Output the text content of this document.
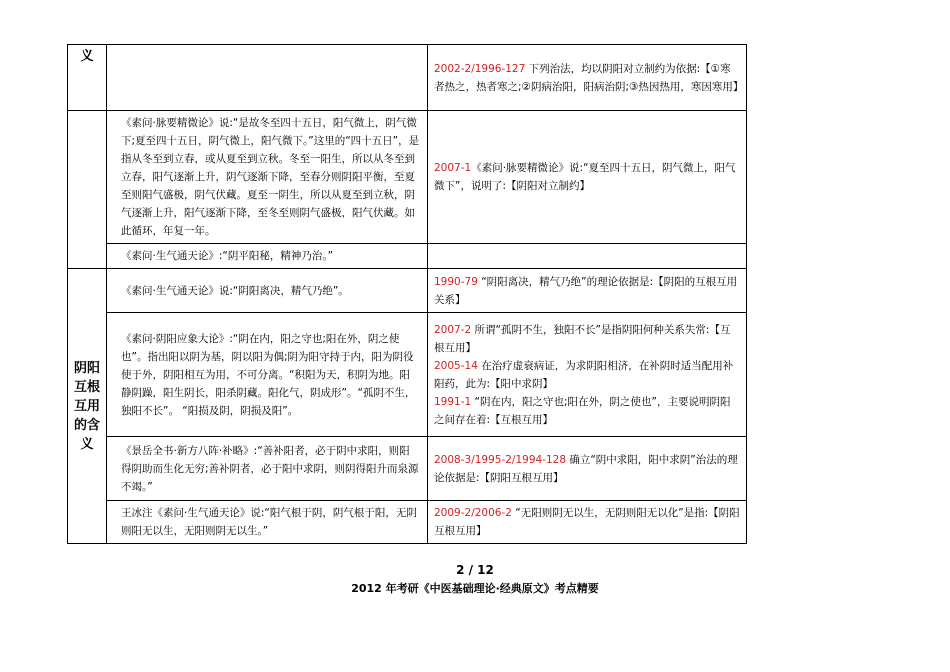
义		2002-2/1996-127 下列治法，均以阴阳对立制约为依据:【①寒者热之，热者寒之;②阴病治阳，阳病治阴;③热因热用，寒因寒用】

	《素问·脉要精微论》说:“是故冬至四十五日，阳气微上，阴气微下;夏至四十五日，阴气微上，阳气微下。”这里的“四十五日”，是指从冬至到立春，或从夏至到立秋。冬至一阳生，所以从冬至到立春，阳气逐渐上升，阴气逐渐下降，至春分则阴阳平衡，至夏至则阳气盛极，阴气伏藏。夏至一阴生，所以从夏至到立秋，阴气逐渐上升，阳气逐渐下降，至冬至则阴气盛极，阳气伏藏。如此循环，年复一年。	2007-1《素问·脉要精微论》说:“夏至四十五日，阴气微上，阳气微下”，说明了:【阴阳对立制约】

	《素问·生气通天论》:“阴平阳秘，精神乃治。”	
阴阳互根互用的含义	《素问·生气通天论》说:“阴阳离决，精气乃绝”。	1990-79 “阴阳离决，精气乃绝”的理论依据是:【阴阳的互根互用关系】

	《素问·阴阳应象大论》:“阴在内，阳之守也;阳在外，阴之使也”。指出阳以阴为基，阴以阳为偶;阴为阳守持于内，阳为阴役使于外，阴阳相互为用，不可分离。“积阳为天，积阴为地。阳静阴躁，阳生阴长，阳杀阴藏。阳化气，阴成形”。“孤阴不生，独阳不长”。 “阳损及阴，阴损及阳”。	2007-2 所谓“孤阴不生，独阳不长”是指阴阳何种关系失常:【互根互用】
2005-14 在治疗虚衰病证，为求阴阳相济，在补阴时适当配用补阳药，此为:【阳中求阴】
1991-1 “阴在内，阳之守也;阳在外，阴之使也”，主要说明阴阳之间存在着:【互根互用】

	《景岳全书·新方八阵·补略》:“善补阳者，必于阴中求阳，则阳得阴助而生化无穷;善补阴者，必于阳中求阴，则阴得阳升而泉源不竭。”	2008-3/1995-2/1994-128 确立“阴中求阳，阳中求阴”治法的理论依据是:【阴阳互根互用】

	王冰注《素问·生气通天论》说:“阳气根于阴，阴气根于阳，无阴则阳无以生，无阳则阴无以生。”	2009-2/2006-2 “无阳则阴无以生，无阴则阳无以化”是指:【阴阳互根互用】
2 / 12
2012 年考研《中医基础理论·经典原文》考点精要
